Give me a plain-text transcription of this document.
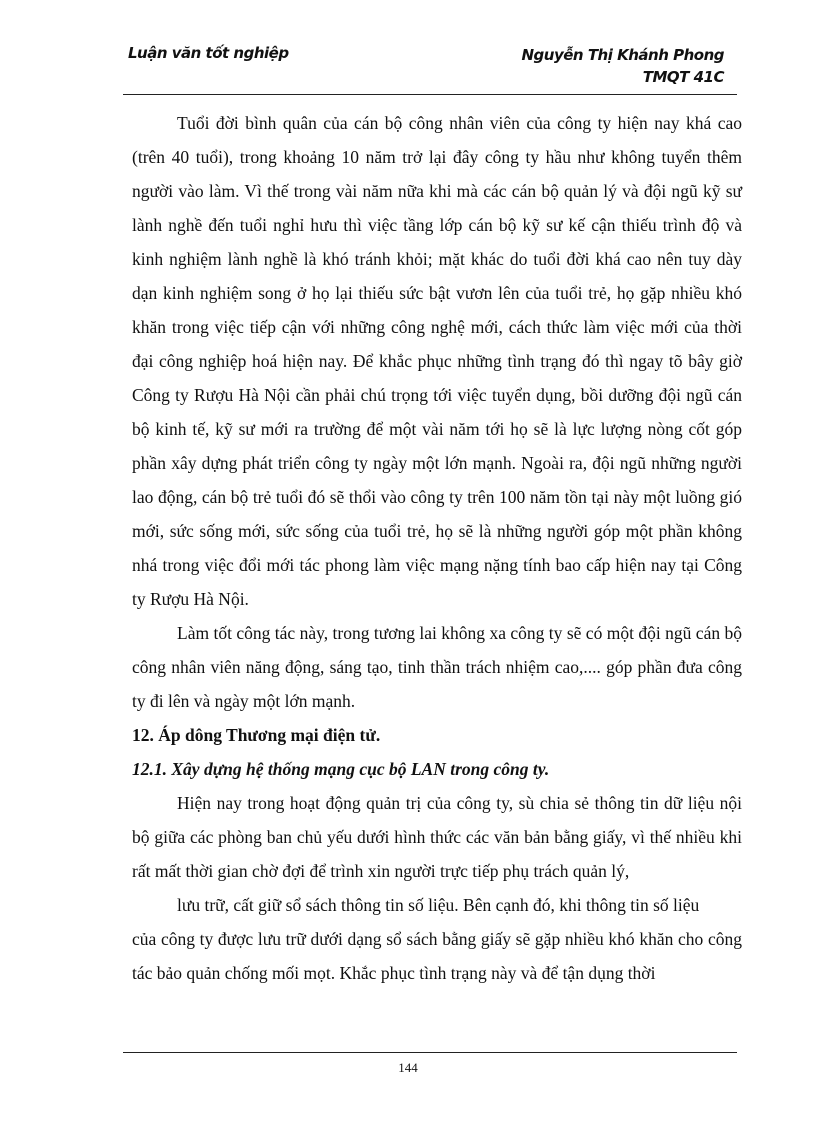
Luận văn tốt nghiệp	Nguyễn Thị Khánh Phong
TMQT 41C

Tuổi đời bình quân của cán bộ công nhân viên của công ty hiện nay khá cao (trên 40 tuổi), trong khoảng 10 năm trở lại đây công ty hầu như không tuyển thêm người vào làm. Vì thế trong vài năm nữa khi mà các cán bộ quản lý và đội ngũ kỹ sư lành nghề đến tuổi nghỉ hưu thì việc tầng lớp cán bộ kỹ sư kế cận thiếu trình độ và kinh nghiệm lành nghề là khó tránh khỏi; mặt khác do tuổi đời khá cao nên tuy dày dạn kinh nghiệm song ở họ lại thiếu sức bật vươn lên của tuổi trẻ, họ gặp nhiều khó khăn trong việc tiếp cận với những công nghệ mới, cách thức làm việc mới của thời đại công nghiệp hoá hiện nay. Để khắc phục những tình trạng đó thì ngay tõ bây giờ Công ty Rượu Hà Nội cần phải chú trọng tới việc tuyển dụng, bồi dưỡng đội ngũ cán bộ kinh tế, kỹ sư mới ra trường để một vài năm tới họ sẽ là lực lượng nòng cốt góp phần xây dựng phát triển công ty ngày một lớn mạnh. Ngoài ra, đội ngũ những người lao động, cán bộ trẻ tuổi đó sẽ thổi vào công ty trên 100 năm tồn tại này một luồng gió mới, sức sống mới, sức sống của tuổi trẻ, họ sẽ là những người góp một phần không nhá trong việc đổi mới tác phong làm việc mạng nặng tính bao cấp hiện nay tại Công ty Rượu Hà Nội.

Làm tốt công tác này, trong tương lai không xa công ty sẽ có một đội ngũ cán bộ công nhân viên năng động, sáng tạo, tinh thần trách nhiệm cao,.... góp phần đưa công ty đi lên và ngày một lớn mạnh.

12. Áp dông Thương mại điện tử.
12.1. Xây dựng hệ thống mạng cục bộ LAN trong công ty.

Hiện nay trong hoạt động quản trị của công ty, sù chia sẻ thông tin dữ liệu nội bộ giữa các phòng ban chủ yếu dưới hình thức các văn bản bằng giấy, vì thế nhiều khi rất mất thời gian chờ đợi để trình xin người trực tiếp phụ trách quản lý,

lưu trữ, cất giữ sổ sách thông tin số liệu. Bên cạnh đó, khi thông tin số liệu

của công ty được lưu trữ dưới dạng sổ sách bằng giấy sẽ gặp nhiều khó khăn cho công tác bảo quản chống mối mọt. Khắc phục tình trạng này và để tận dụng thời

144
